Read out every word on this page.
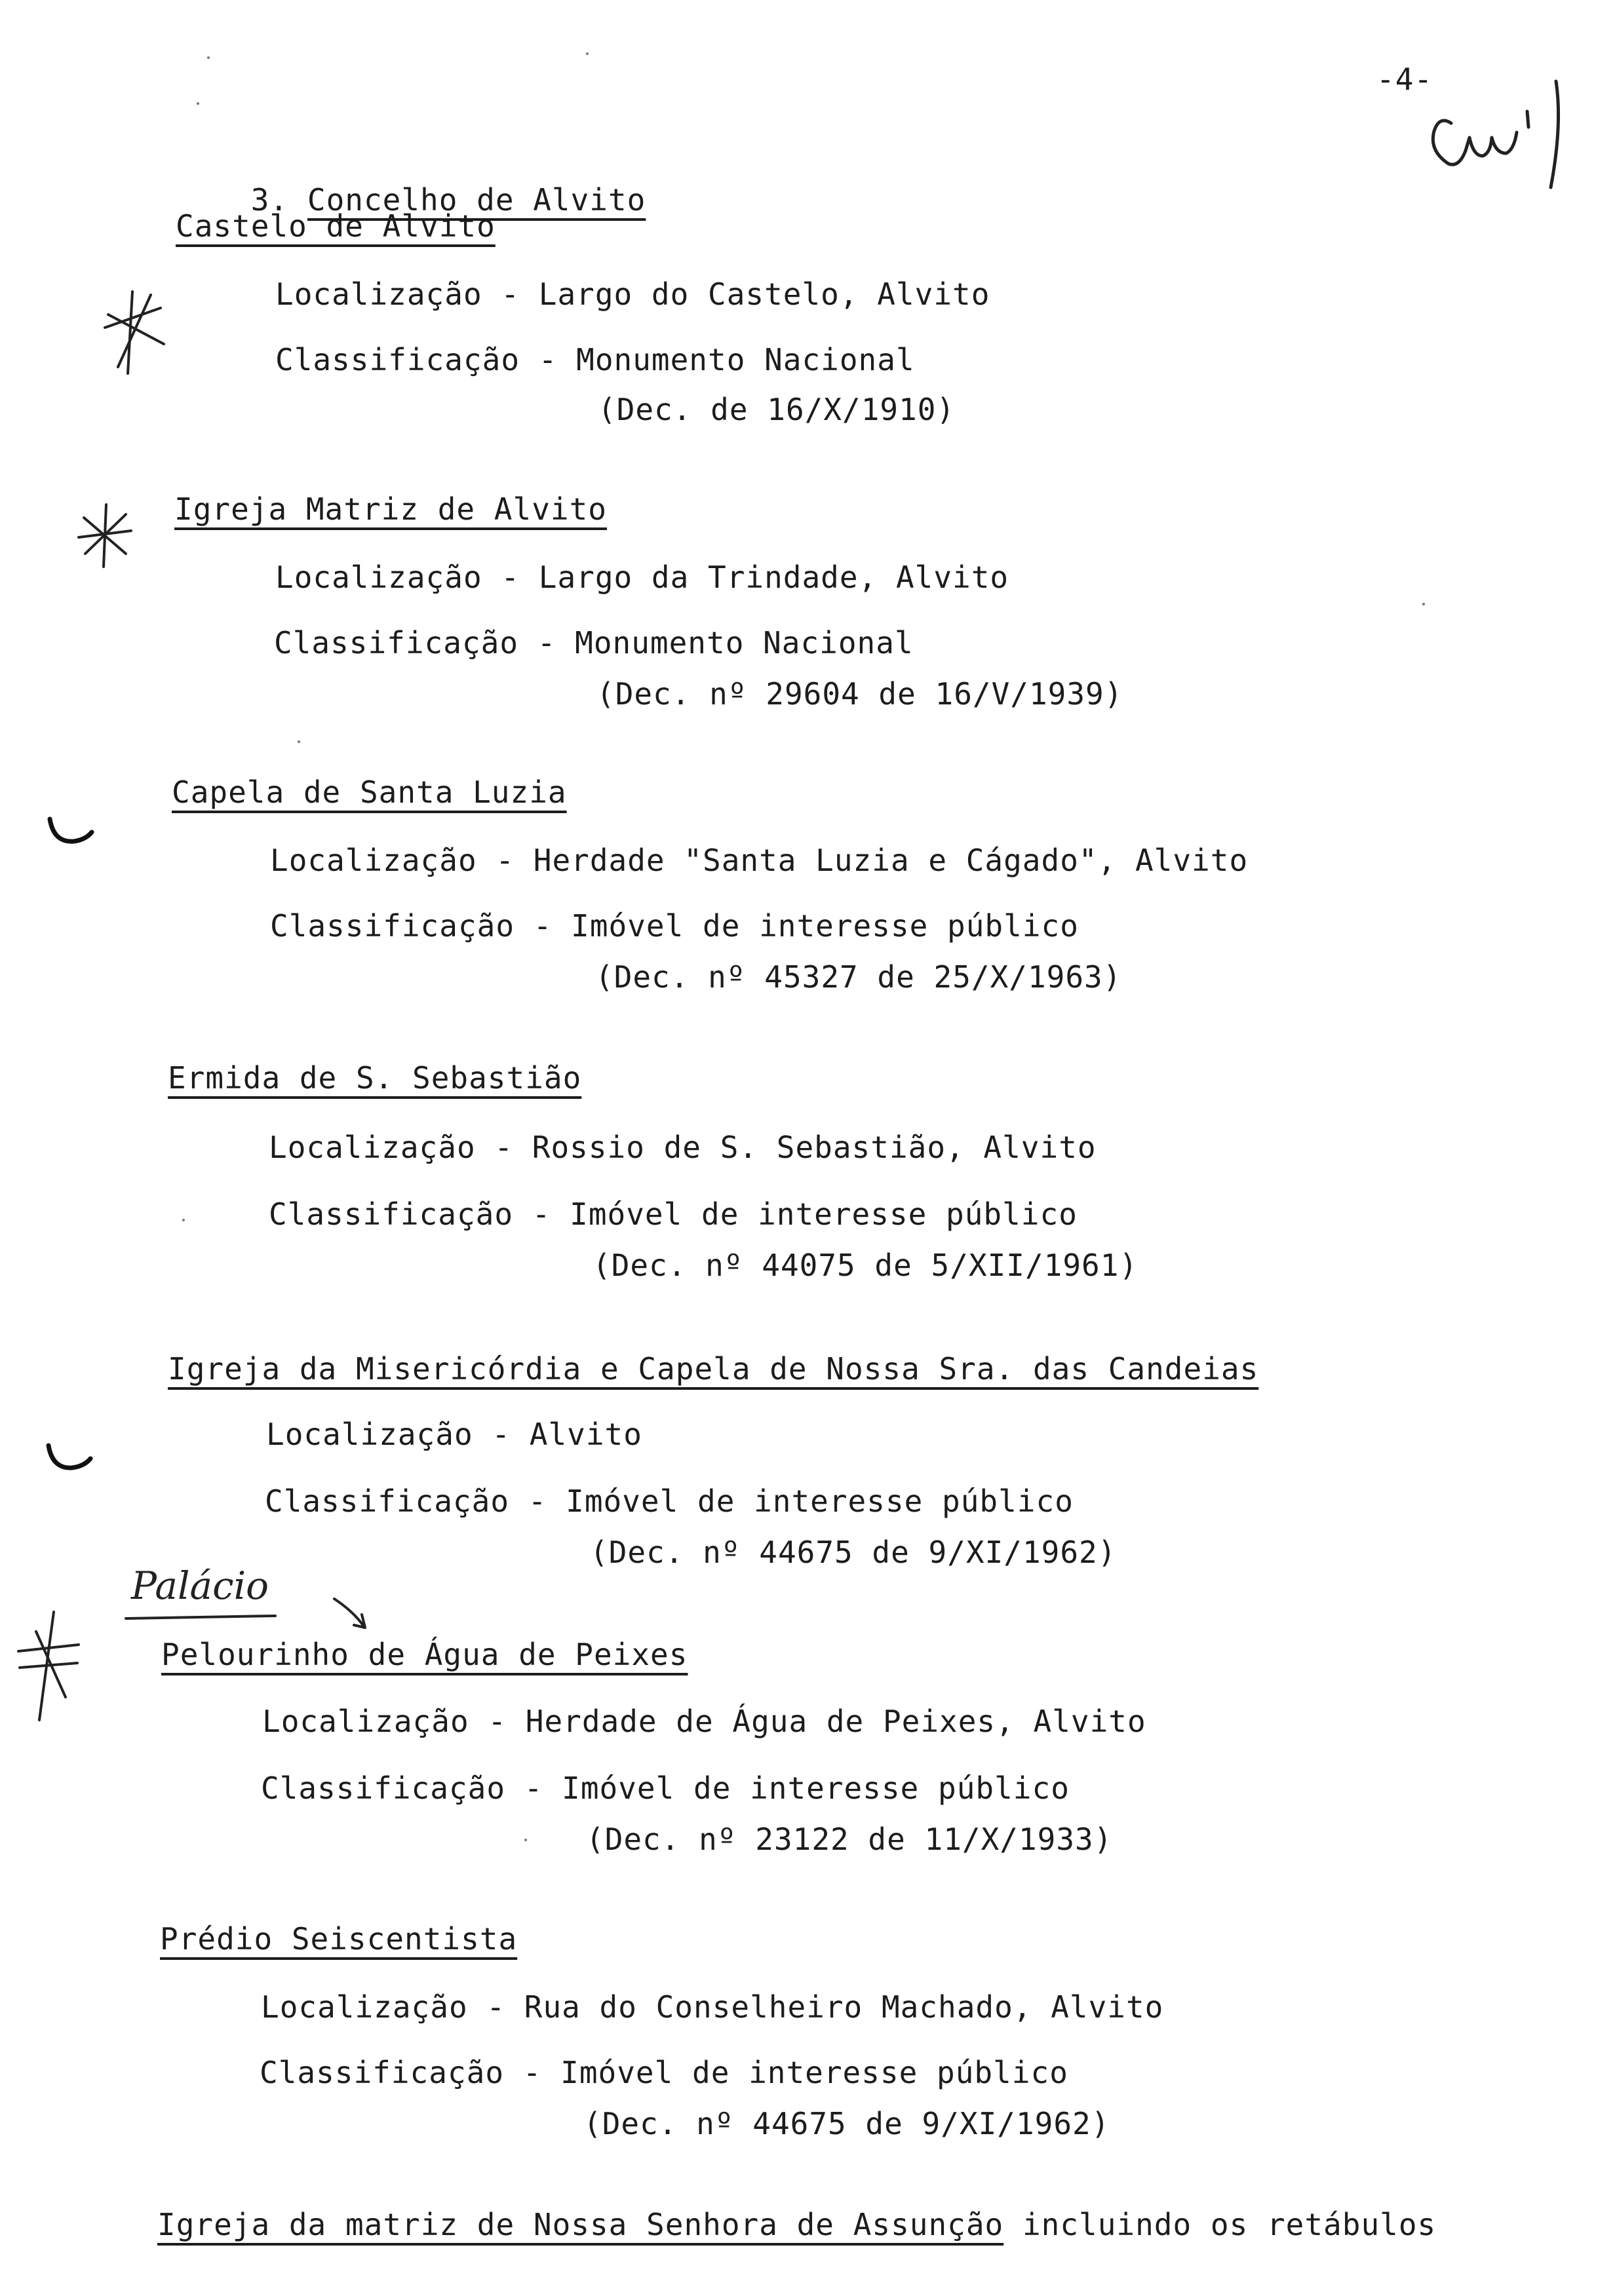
-4-

3. Concelho de Alvito

Castelo de Alvito
Localização - Largo do Castelo, Alvito
Classificação - Monumento Nacional
(Dec. de 16/X/1910)
Igreja Matriz de Alvito
Localização - Largo da Trindade, Alvito
Classificação - Monumento Nacional
(Dec. nº 29604 de 16/V/1939)
Capela de Santa Luzia
Localização - Herdade "Santa Luzia e Cágado", Alvito
Classificação - Imóvel de interesse público
(Dec. nº 45327 de 25/X/1963)
Ermida de S. Sebastião
Localização - Rossio de S. Sebastião, Alvito
Classificação - Imóvel de interesse público
(Dec. nº 44075 de 5/XII/1961)
Igreja da Misericórdia e Capela de Nossa Sra. das Candeias
Localização - Alvito
Classificação - Imóvel de interesse público
(Dec. nº 44675 de 9/XI/1962)
Palácio
Pelourinho de Água de Peixes
Localização - Herdade de Água de Peixes, Alvito
Classificação - Imóvel de interesse público
(Dec. nº 23122 de 11/X/1933)
Prédio Seiscentista
Localização - Rua do Conselheiro Machado, Alvito
Classificação - Imóvel de interesse público
(Dec. nº 44675 de 9/XI/1962)
Igreja da matriz de Nossa Senhora de Assunção incluindo os retábulos
